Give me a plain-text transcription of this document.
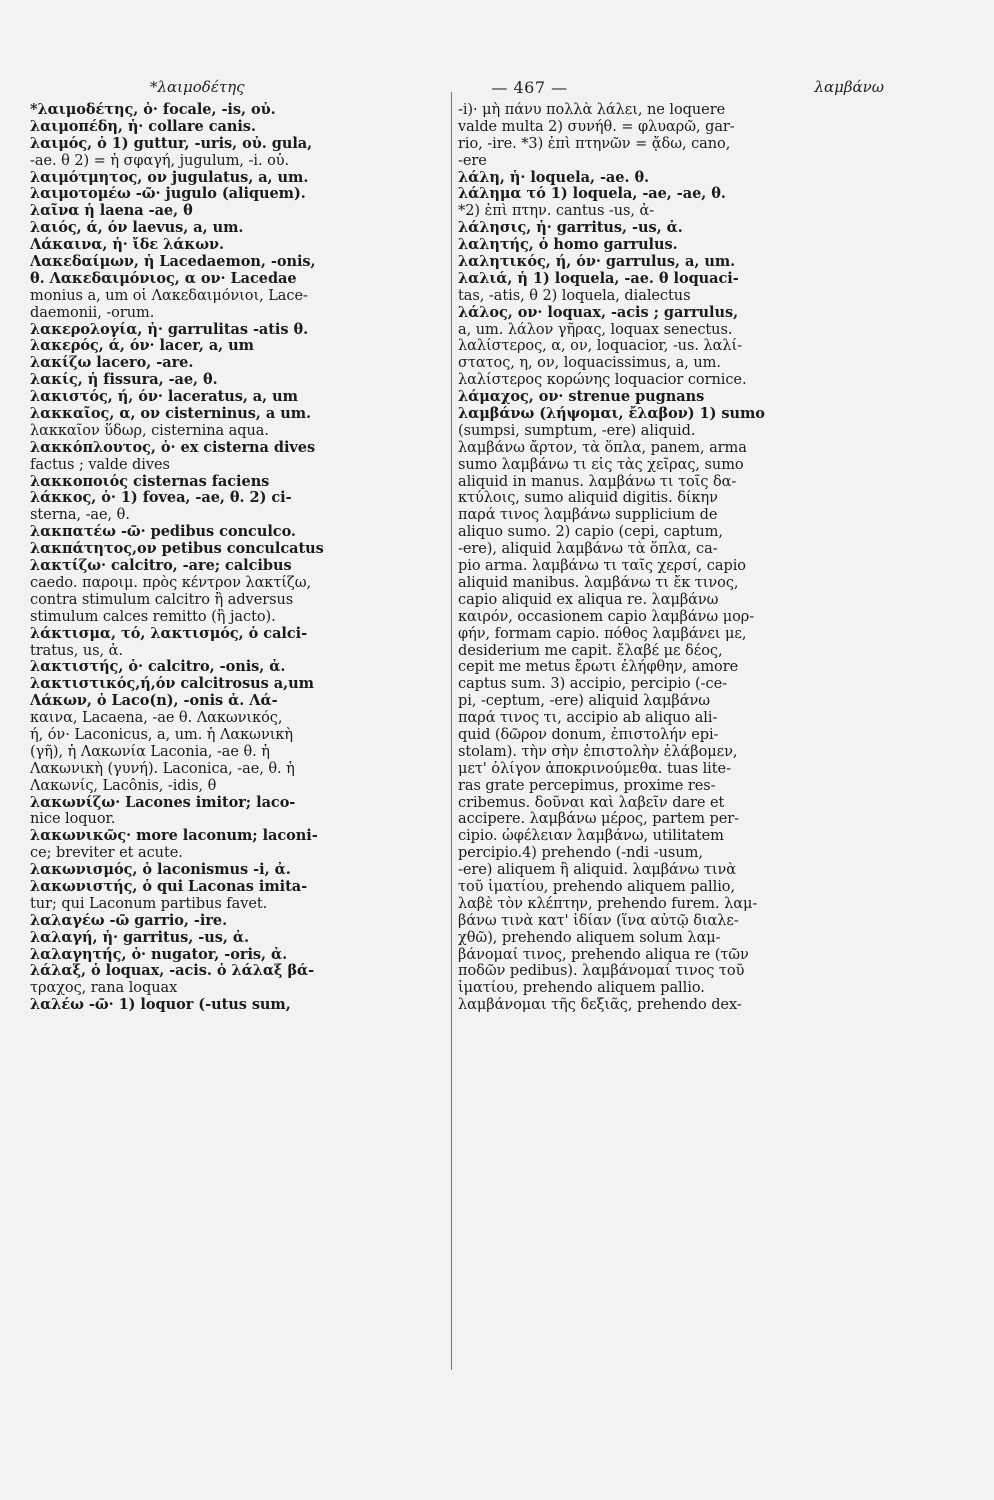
*λαιμοδέτης	— 467 —	λαμβάνω
*λαιμοδέτης, ὁ· focale, -is, οὐ.
λαιμοπέδη, ἡ· collare canis.
λαιμός, ὁ 1) guttur, -uris, οὐ. gula,
-ae. θ 2) = ἡ σφαγή, jugulum, -i. οὐ.
λαιμότμητος, ον jugulatus, a, um.
λαιμοτομέω -ῶ· jugulo (aliquem).
λαῖνα ἡ laena -ae, θ
λαιός, ά, όν laevus, a, um.
Λάκαινα, ἡ· ἴδε λάκων.
Λακεδαίμων, ἡ Lacedaemon, -onis,
θ. Λακεδαιμόνιος, α ον· Lacedae
monius a, um οἱ Λακεδαιμόνιοι, Lace-
daemonii, -orum.
λακερολογία, ἡ· garrulitas -atis θ.
λακερός, ά, όν· lacer, a, um
λακίζω lacero, -are.
λακίς, ἡ fissura, -ae, θ.
λακιστός, ή, όν· laceratus, a, um
λακκαῖος, α, ον cisterninus, a um.
λακκαῖον ὕδωρ, cisternina aqua.
λακκόπλουτος, ὁ· ex cisterna dives
factus ; valde dives
λακκοποιός cisternas faciens
λάκκος, ὁ· 1) fovea, -ae, θ. 2) ci-
sterna, -ae, θ.
λακπατέω -ῶ· pedibus conculco.
λακπάτητος,ον petibus conculcatus
λακτίζω· calcitro, -are; calcibus
caedo. παροιμ. πρὸς κέντρον λακτίζω,
contra stimulum calcitro ἢ adversus
stimulum calces remitto (ἢ jacto).
λάκτισμα, τό, λακτισμός, ὁ calci-
tratus, us, ἀ.
λακτιστής, ὁ· calcitro, -onis, ἀ.
λακτιστικός,ή,όν calcitrosus a,um
Λάκων, ὁ Laco(n), -onis ἀ. Λά-
καινα, Lacaena, -ae θ. Λακωνικός,
ή, όν· Laconicus, a, um. ἡ Λακωνικὴ
(γῆ), ἡ Λακωνία Laconia, -ae θ. ἡ
Λακωνικὴ (γυνή). Laconica, -ae, θ. ἡ
Λακωνίς, Lacônis, -idis, θ
λακωνίζω· Lacones imitor; laco-
nice loquor.
λακωνικῶς· more laconum; laconi-
ce; breviter et acute.
λακωνισμός, ὁ laconismus -i, ἀ.
λακωνιστής, ὁ qui Laconas imita-
tur; qui Laconum partibus favet.
λαλαγέω -ῶ garrio, -ire.
λαλαγή, ἡ· garritus, -us, ἀ.
λαλαγητής, ὁ· nugator, -oris, ἀ.
λάλαξ, ὁ loquax, -acis. ὁ λάλαξ βά-
τραχος, rana loquax
λαλέω -ῶ· 1) loquor (-utus sum,
-i)· μὴ πάνυ πολλὰ λάλει, ne loquere
valde multa 2) συνήθ. = φλυαρῶ, gar-
rio, -ire. *3) ἐπὶ πτηνῶν = ᾄδω, cano,
-ere
λάλη, ἡ· loquela, -ae. θ.
λάλημα τό 1) loquela, -ae, -ae, θ.
*2) ἐπὶ πτην. cantus -us, ἀ-
λάλησις, ἡ· garritus, -us, ἀ.
λαλητής, ὁ homo garrulus.
λαλητικός, ή, όν· garrulus, a, um.
λαλιά, ἡ 1) loquela, -ae. θ loquaci-
tas, -atis, θ 2) loquela, dialectus
λάλος, ον· loquax, -acis ; garrulus,
a, um. λάλον γῆρας, loquax senectus.
λαλίστερος, α, ον, loquacior, -us. λαλί-
στατος, η, ον, loquacissimus, a, um.
λαλίστερος κορώνης loquacior cornice.
λάμαχος, ον· strenue pugnans
λαμβάνω (λήψομαι, ἔλαβον) 1) sumo
(sumpsi, sumptum, -ere) aliquid.
λαμβάνω ἄρτον, τὰ ὅπλα, panem, arma
sumo λαμβάνω τι εἰς τὰς χεῖρας, sumo
aliquid in manus. λαμβάνω τι τοῖς δα-
κτύλοις, sumo aliquid digitis. δίκην
παρά τινος λαμβάνω supplicium de
aliquo sumo. 2) capio (cepi, captum,
-ere), aliquid λαμβάνω τὰ ὅπλα, ca-
pio arma. λαμβάνω τι ταῖς χερσί, capio
aliquid manibus. λαμβάνω τι ἔκ τινος,
capio aliquid ex aliqua re. λαμβάνω
καιρόν, occasionem capio λαμβάνω μορ-
φήν, formam capio. πόθος λαμβάνει με,
desiderium me capit. ἔλαβέ με δέος,
cepit me metus ἔρωτι ἐλήφθην, amore
captus sum. 3) accipio, percipio (-ce-
pi, -ceptum, -ere) aliquid λαμβάνω
παρά τινος τι, accipio ab aliquo ali-
quid (δῶρον donum, ἐπιστολήν epi-
stolam). τὴν σὴν ἐπιστολὴν ἐλάβομεν,
μετ' ὀλίγον ἀποκρινούμεθα. tuas lite-
ras grate percepimus, proxime res-
cribemus. δοῦναι καὶ λαβεῖν dare et
accipere. λαμβάνω μέρος, partem per-
cipio. ὠφέλειαν λαμβάνω, utilitatem
percipio.4) prehendo (-ndi -usum,
-ere) aliquem ἢ aliquid. λαμβάνω τινὰ
τοῦ ἱματίου, prehendo aliquem pallio,
λαβὲ τὸν κλέπτην, prehendo furem. λαμ-
βάνω τινὰ κατ' ἰδίαν (ἵνα αὐτῷ διαλε-
χθῶ), prehendo aliquem solum λαμ-
βάνομαί τινος, prehendo aliqua re (τῶν
ποδῶν pedibus). λαμβάνομαί τινος τοῦ
ἱματίου, prehendo aliquem pallio.
λαμβάνομαι τῆς δεξιᾶς, prehendo dex-
